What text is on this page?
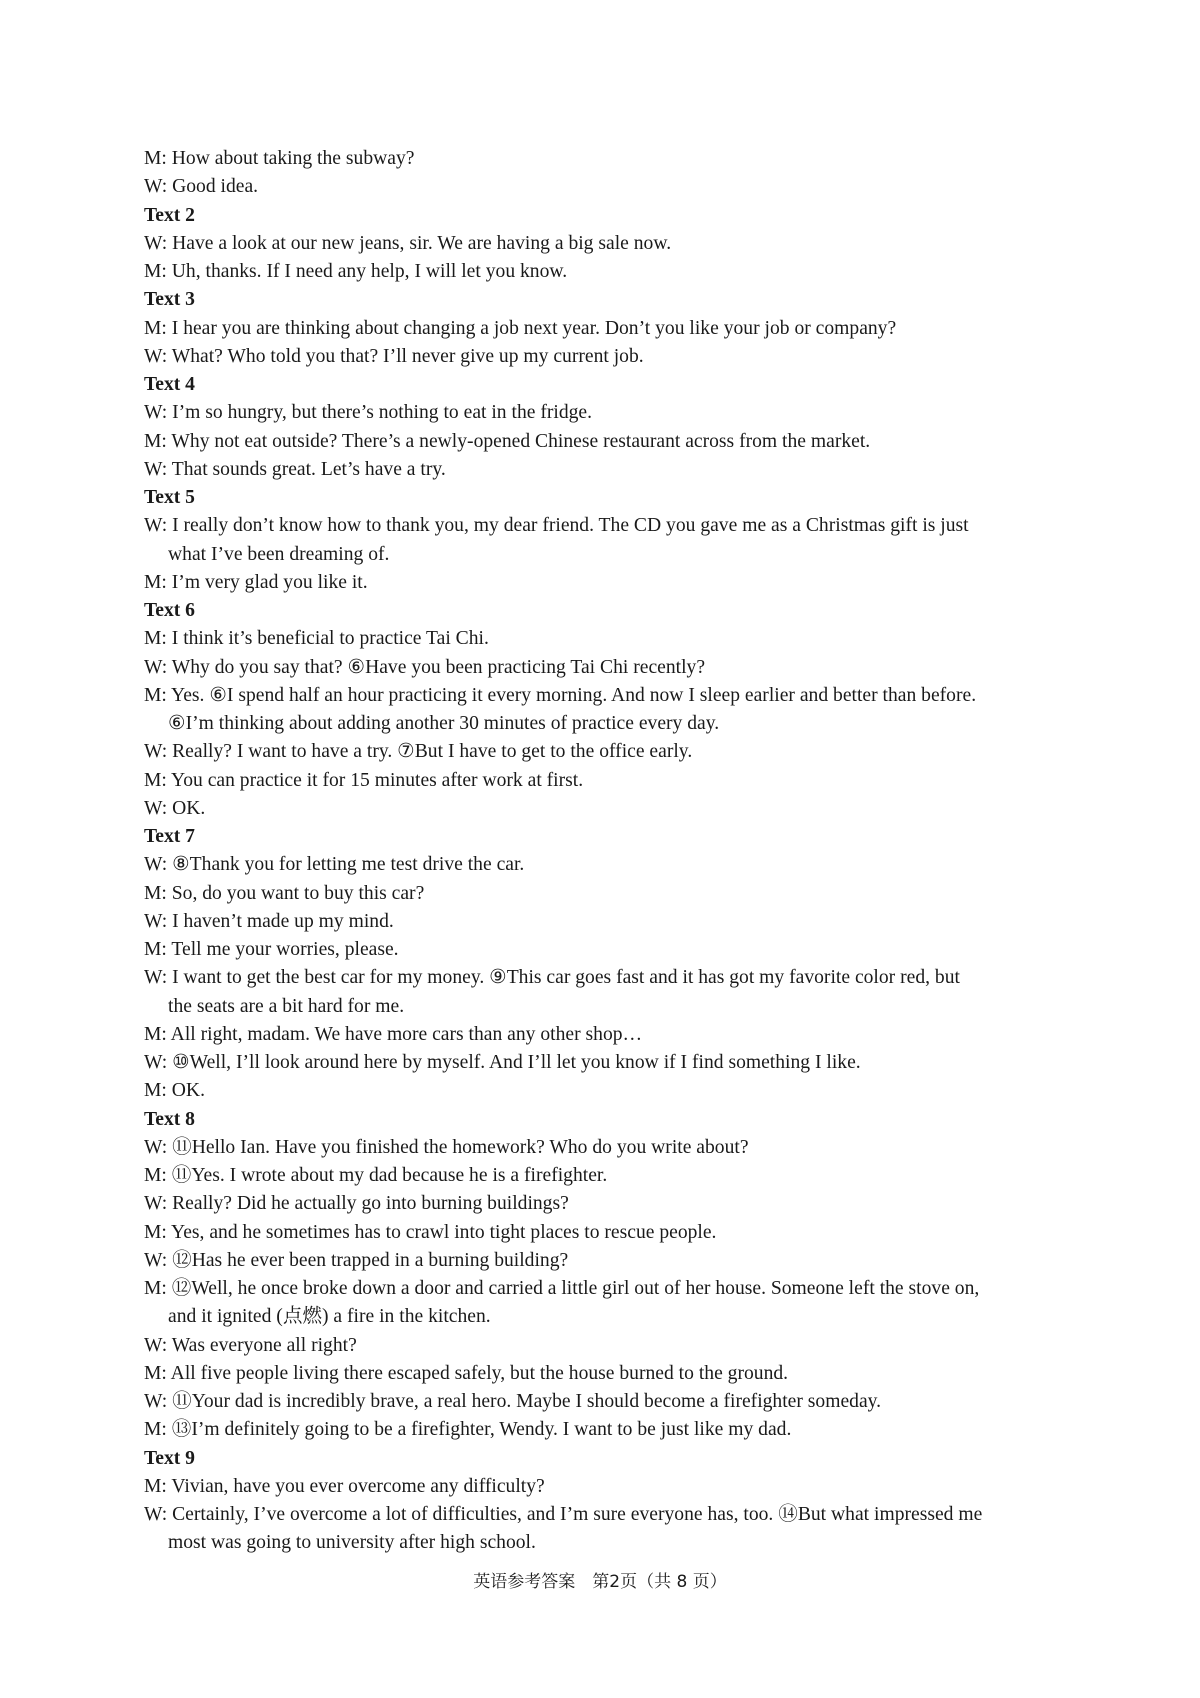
M: How about taking the subway?
W: Good idea.
Text 2
W: Have a look at our new jeans, sir. We are having a big sale now.
M: Uh, thanks. If I need any help, I will let you know.
Text 3
M: I hear you are thinking about changing a job next year. Don’t you like your job or company?
W: What? Who told you that? I’ll never give up my current job.
Text 4
W: I’m so hungry, but there’s nothing to eat in the fridge.
M: Why not eat outside? There’s a newly-opened Chinese restaurant across from the market.
W: That sounds great. Let’s have a try.
Text 5
W: I really don’t know how to thank you, my dear friend. The CD you gave me as a Christmas gift is just
what I’ve been dreaming of.
M: I’m very glad you like it.
Text 6
M: I think it’s beneficial to practice Tai Chi.
W: Why do you say that? ⑥Have you been practicing Tai Chi recently?
M: Yes. ⑥I spend half an hour practicing it every morning. And now I sleep earlier and better than before.
⑥I’m thinking about adding another 30 minutes of practice every day.
W: Really? I want to have a try. ⑦But I have to get to the office early.
M: You can practice it for 15 minutes after work at first.
W: OK.
Text 7
W: ⑧Thank you for letting me test drive the car.
M: So, do you want to buy this car?
W: I haven’t made up my mind.
M: Tell me your worries, please.
W: I want to get the best car for my money. ⑨This car goes fast and it has got my favorite color red, but
the seats are a bit hard for me.
M: All right, madam. We have more cars than any other shop…
W: ⑩Well, I’ll look around here by myself. And I’ll let you know if I find something I like.
M: OK.
Text 8
W: ⑪Hello Ian. Have you finished the homework? Who do you write about?
M: ⑪Yes. I wrote about my dad because he is a firefighter.
W: Really? Did he actually go into burning buildings?
M: Yes, and he sometimes has to crawl into tight places to rescue people.
W: ⑫Has he ever been trapped in a burning building?
M: ⑫Well, he once broke down a door and carried a little girl out of her house. Someone left the stove on,
and it ignited (点燃) a fire in the kitchen.
W: Was everyone all right?
M: All five people living there escaped safely, but the house burned to the ground.
W: ⑪Your dad is incredibly brave, a real hero. Maybe I should become a firefighter someday.
M: ⑬I’m definitely going to be a firefighter, Wendy. I want to be just like my dad.
Text 9
M: Vivian, have you ever overcome any difficulty?
W: Certainly, I’ve overcome a lot of difficulties, and I’m sure everyone has, too. ⑭But what impressed me
most was going to university after high school.
英语参考答案　第2页（共 8 页）
